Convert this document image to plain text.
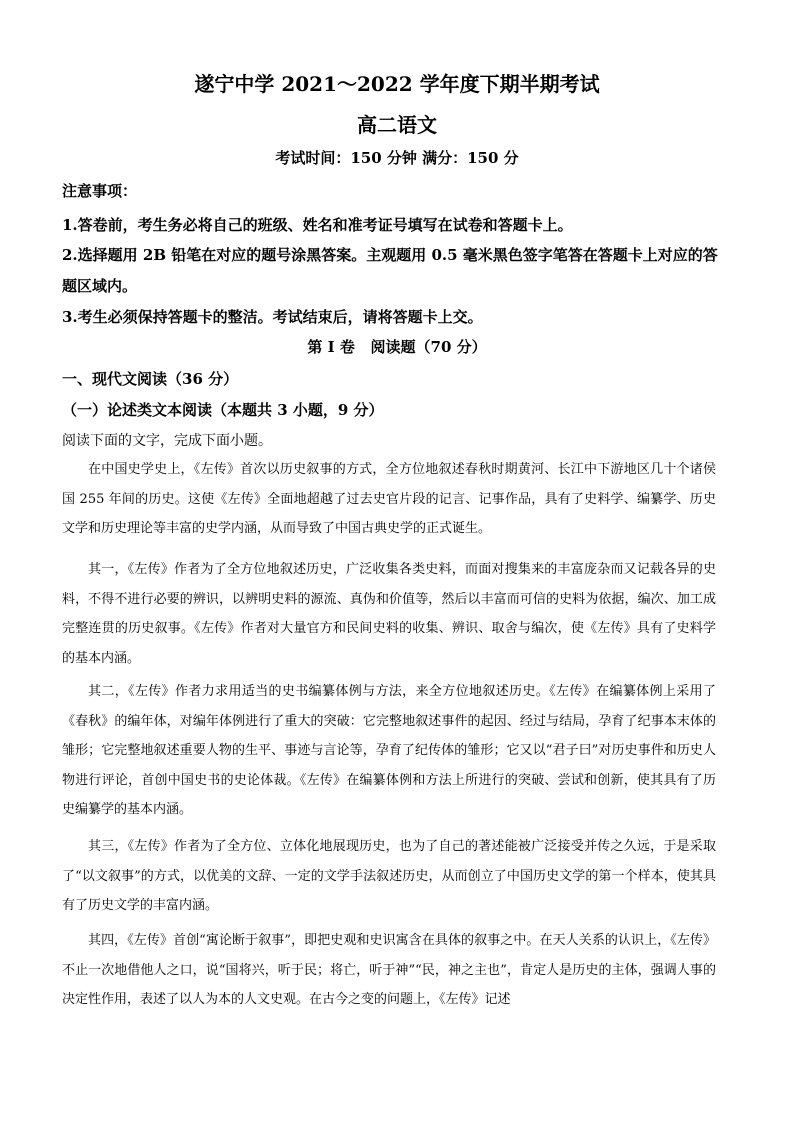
遂宁中学 2021～2022 学年度下期半期考试
高二语文
考试时间：150 分钟 满分：150 分
注意事项：
1.答卷前，考生务必将自己的班级、姓名和准考证号填写在试卷和答题卡上。
2.选择题用 2B 铅笔在对应的题号涂黑答案。主观题用 0.5 毫米黑色签字笔答在答题卡上对应的答题区域内。
3.考生必须保持答题卡的整洁。考试结束后，请将答题卡上交。
第 I 卷   阅读题（70 分）
一、现代文阅读（36 分）
（一）论述类文本阅读（本题共 3 小题，9 分）
阅读下面的文字，完成下面小题。
在中国史学史上，《左传》首次以历史叙事的方式，全方位地叙述春秋时期黄河、长江中下游地区几十个诸侯国 255 年间的历史。这使《左传》全面地超越了过去史官片段的记言、记事作品，具有了史料学、编纂学、历史文学和历史理论等丰富的史学内涵，从而导致了中国古典史学的正式诞生。
其一，《左传》作者为了全方位地叙述历史，广泛收集各类史料，而面对搜集来的丰富庞杂而又记载各异的史料，不得不进行必要的辨识，以辨明史料的源流、真伪和价值等，然后以丰富而可信的史料为依据，编次、加工成完整连贯的历史叙事。《左传》作者对大量官方和民间史料的收集、辨识、取舍与编次，使《左传》具有了史料学的基本内涵。
其二，《左传》作者力求用适当的史书编纂体例与方法，来全方位地叙述历史。《左传》在编纂体例上采用了《春秋》的编年体，对编年体例进行了重大的突破：它完整地叙述事件的起因、经过与结局，孕育了纪事本末体的雏形；它完整地叙述重要人物的生平、事迹与言论等，孕育了纪传体的雏形；它又以“君子曰”对历史事件和历史人物进行评论，首创中国史书的史论体裁。《左传》在编纂体例和方法上所进行的突破、尝试和创新，使其具有了历史编纂学的基本内涵。
其三，《左传》作者为了全方位、立体化地展现历史，也为了自己的著述能被广泛接受并传之久远，于是采取了“以文叙事”的方式，以优美的文辞、一定的文学手法叙述历史，从而创立了中国历史文学的第一个样本，使其具有了历史文学的丰富内涵。
其四，《左传》首创“寓论断于叙事”，即把史观和史识寓含在具体的叙事之中。在天人关系的认识上，《左传》不止一次地借他人之口，说“国将兴，听于民；将亡，听于神”“民，神之主也”，肯定人是历史的主体，强调人事的决定性作用，表述了以人为本的人文史观。在古今之变的问题上，《左传》记述
